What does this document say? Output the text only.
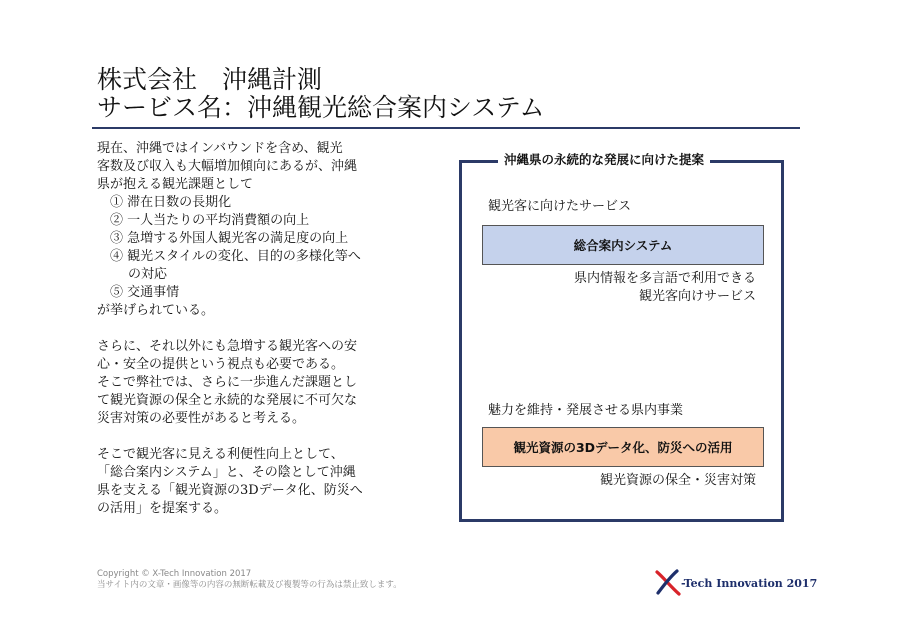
株式会社　沖縄計測
サービス名：沖縄観光総合案内システム
現在、沖縄ではインバウンドを含め、観光
客数及び収入も大幅増加傾向にあるが、沖縄
県が抱える観光課題として
① 滞在日数の長期化
② 一人当たりの平均消費額の向上
③ 急増する外国人観光客の満足度の向上
④ 観光スタイルの変化、目的の多様化等へ
の対応
⑤ 交通事情
が挙げられている。
さらに、それ以外にも急増する観光客への安
心・安全の提供という視点も必要である。
そこで弊社では、さらに一歩進んだ課題とし
て観光資源の保全と永続的な発展に不可欠な
災害対策の必要性があると考える。
そこで観光客に見える利便性向上として、
「総合案内システム」と、その陰として沖縄
県を支える「観光資源の3Dデータ化、防災へ
の活用」を提案する。
沖縄県の永続的な発展に向けた提案
観光客に向けたサービス
総合案内システム
県内情報を多言語で利用できる
観光客向けサービス
魅力を維持・発展させる県内事業
観光資源の3Dデータ化、防災への活用
観光資源の保全・災害対策
Copyright © X-Tech Innovation 2017
当サイト内の文章・画像等の内容の無断転載及び複製等の行為は禁止致します。	-Tech Innovation 2017
